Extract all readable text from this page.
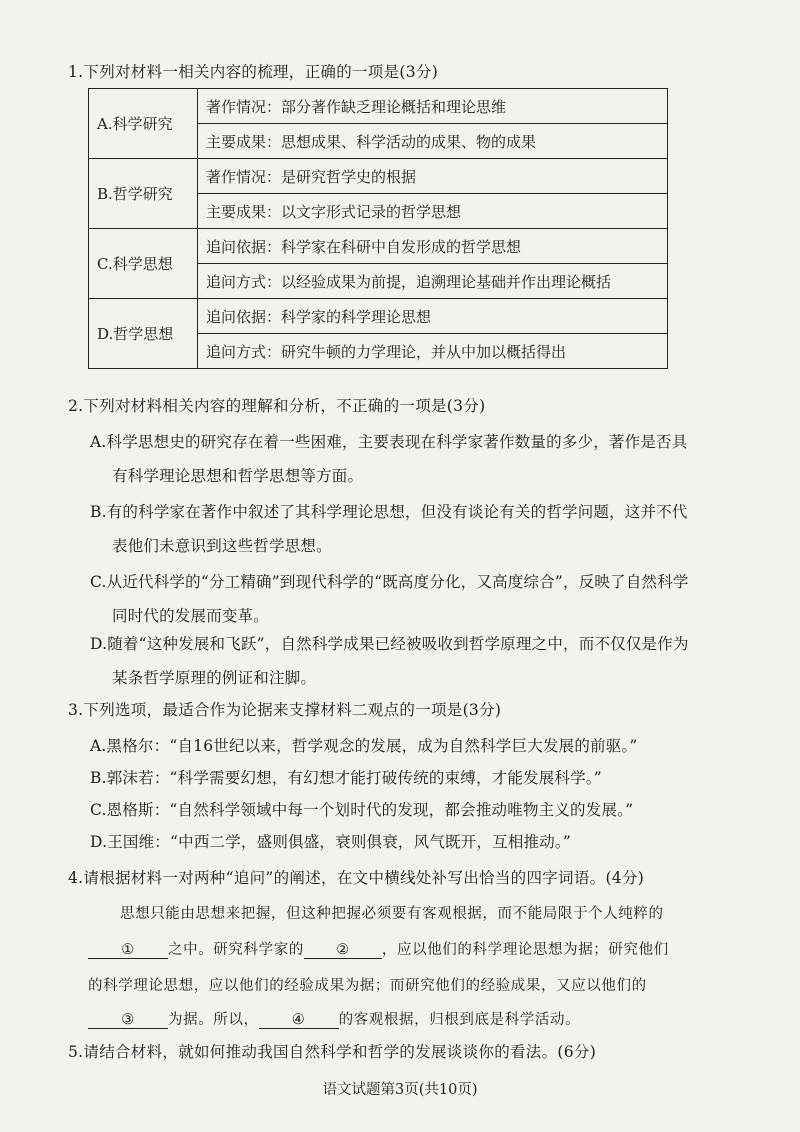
1.下列对材料一相关内容的梳理，正确的一项是(3分)
A.科学研究	著作情况：部分著作缺乏理论概括和理论思维
	主要成果：思想成果、科学活动的成果、物的成果
B.哲学研究	著作情况：是研究哲学史的根据
	主要成果：以文字形式记录的哲学思想
C.科学思想	追问依据：科学家在科研中自发形成的哲学思想
	追问方式：以经验成果为前提，追溯理论基础并作出理论概括
D.哲学思想	追问依据：科学家的科学理论思想
	追问方式：研究牛顿的力学理论，并从中加以概括得出
2.下列对材料相关内容的理解和分析，不正确的一项是(3分)
A.科学思想史的研究存在着一些困难，主要表现在科学家著作数量的多少，著作是否具
有科学理论思想和哲学思想等方面。
B.有的科学家在著作中叙述了其科学理论思想，但没有谈论有关的哲学问题，这并不代
表他们未意识到这些哲学思想。
C.从近代科学的“分工精确”到现代科学的“既高度分化，又高度综合”，反映了自然科学
同时代的发展而变革。
D.随着“这种发展和飞跃”，自然科学成果已经被吸收到哲学原理之中，而不仅仅是作为
某条哲学原理的例证和注脚。
3.下列选项，最适合作为论据来支撑材料二观点的一项是(3分)
A.黑格尔：“自16世纪以来，哲学观念的发展，成为自然科学巨大发展的前驱。”
B.郭沫若：“科学需要幻想，有幻想才能打破传统的束缚，才能发展科学。”
C.恩格斯：“自然科学领域中每一个划时代的发现，都会推动唯物主义的发展。”
D.王国维：“中西二学，盛则俱盛，衰则俱衰，风气既开，互相推动。”
4.请根据材料一对两种“追问”的阐述，在文中横线处补写出恰当的四字词语。(4分)
思想只能由思想来把握，但这种把握必须要有客观根据，而不能局限于个人纯粹的
① 之中。研究科学家的 ② ，应以他们的科学理论思想为据；研究他们
的科学理论思想，应以他们的经验成果为据；而研究他们的经验成果，又应以他们的
③ 为据。所以， ④ 的客观根据，归根到底是科学活动。
5.请结合材料，就如何推动我国自然科学和哲学的发展谈谈你的看法。(6分)
语文试题第3页(共10页)
